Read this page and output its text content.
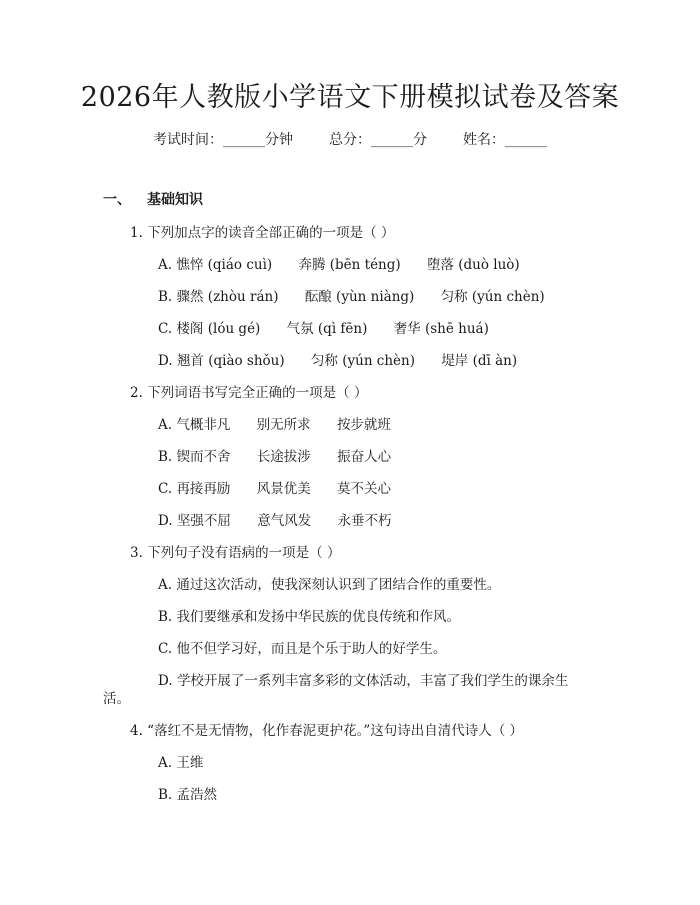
2026年人教版小学语文下册模拟试卷及答案
考试时间：______分钟	总分：______分	姓名：______
一、 基础知识
1. 下列加点字的读音全部正确的一项是（ ）
A. 憔悴 (qiáo cuì) 奔腾 (bēn téng) 堕落 (duò luò)
B. 骤然 (zhòu rán) 酝酿 (yùn niàng) 匀称 (yún chèn)
C. 楼阁 (lóu gé) 气氛 (qì fēn) 奢华 (shē huá)
D. 翘首 (qiào shǒu) 匀称 (yún chèn) 堤岸 (dī àn)
2. 下列词语书写完全正确的一项是（ ）
A. 气概非凡 别无所求 按步就班
B. 锲而不舍 长途拔涉 振奋人心
C. 再接再励 风景优美 莫不关心
D. 坚强不屈 意气风发 永垂不朽
3. 下列句子没有语病的一项是（ ）
A. 通过这次活动，使我深刻认识到了团结合作的重要性。
B. 我们要继承和发扬中华民族的优良传统和作风。
C. 他不但学习好，而且是个乐于助人的好学生。
D. 学校开展了一系列丰富多彩的文体活动，丰富了我们学生的课余生
活。
4. “落红不是无情物，化作春泥更护花。”这句诗出自清代诗人（ ）
A. 王维
B. 孟浩然
